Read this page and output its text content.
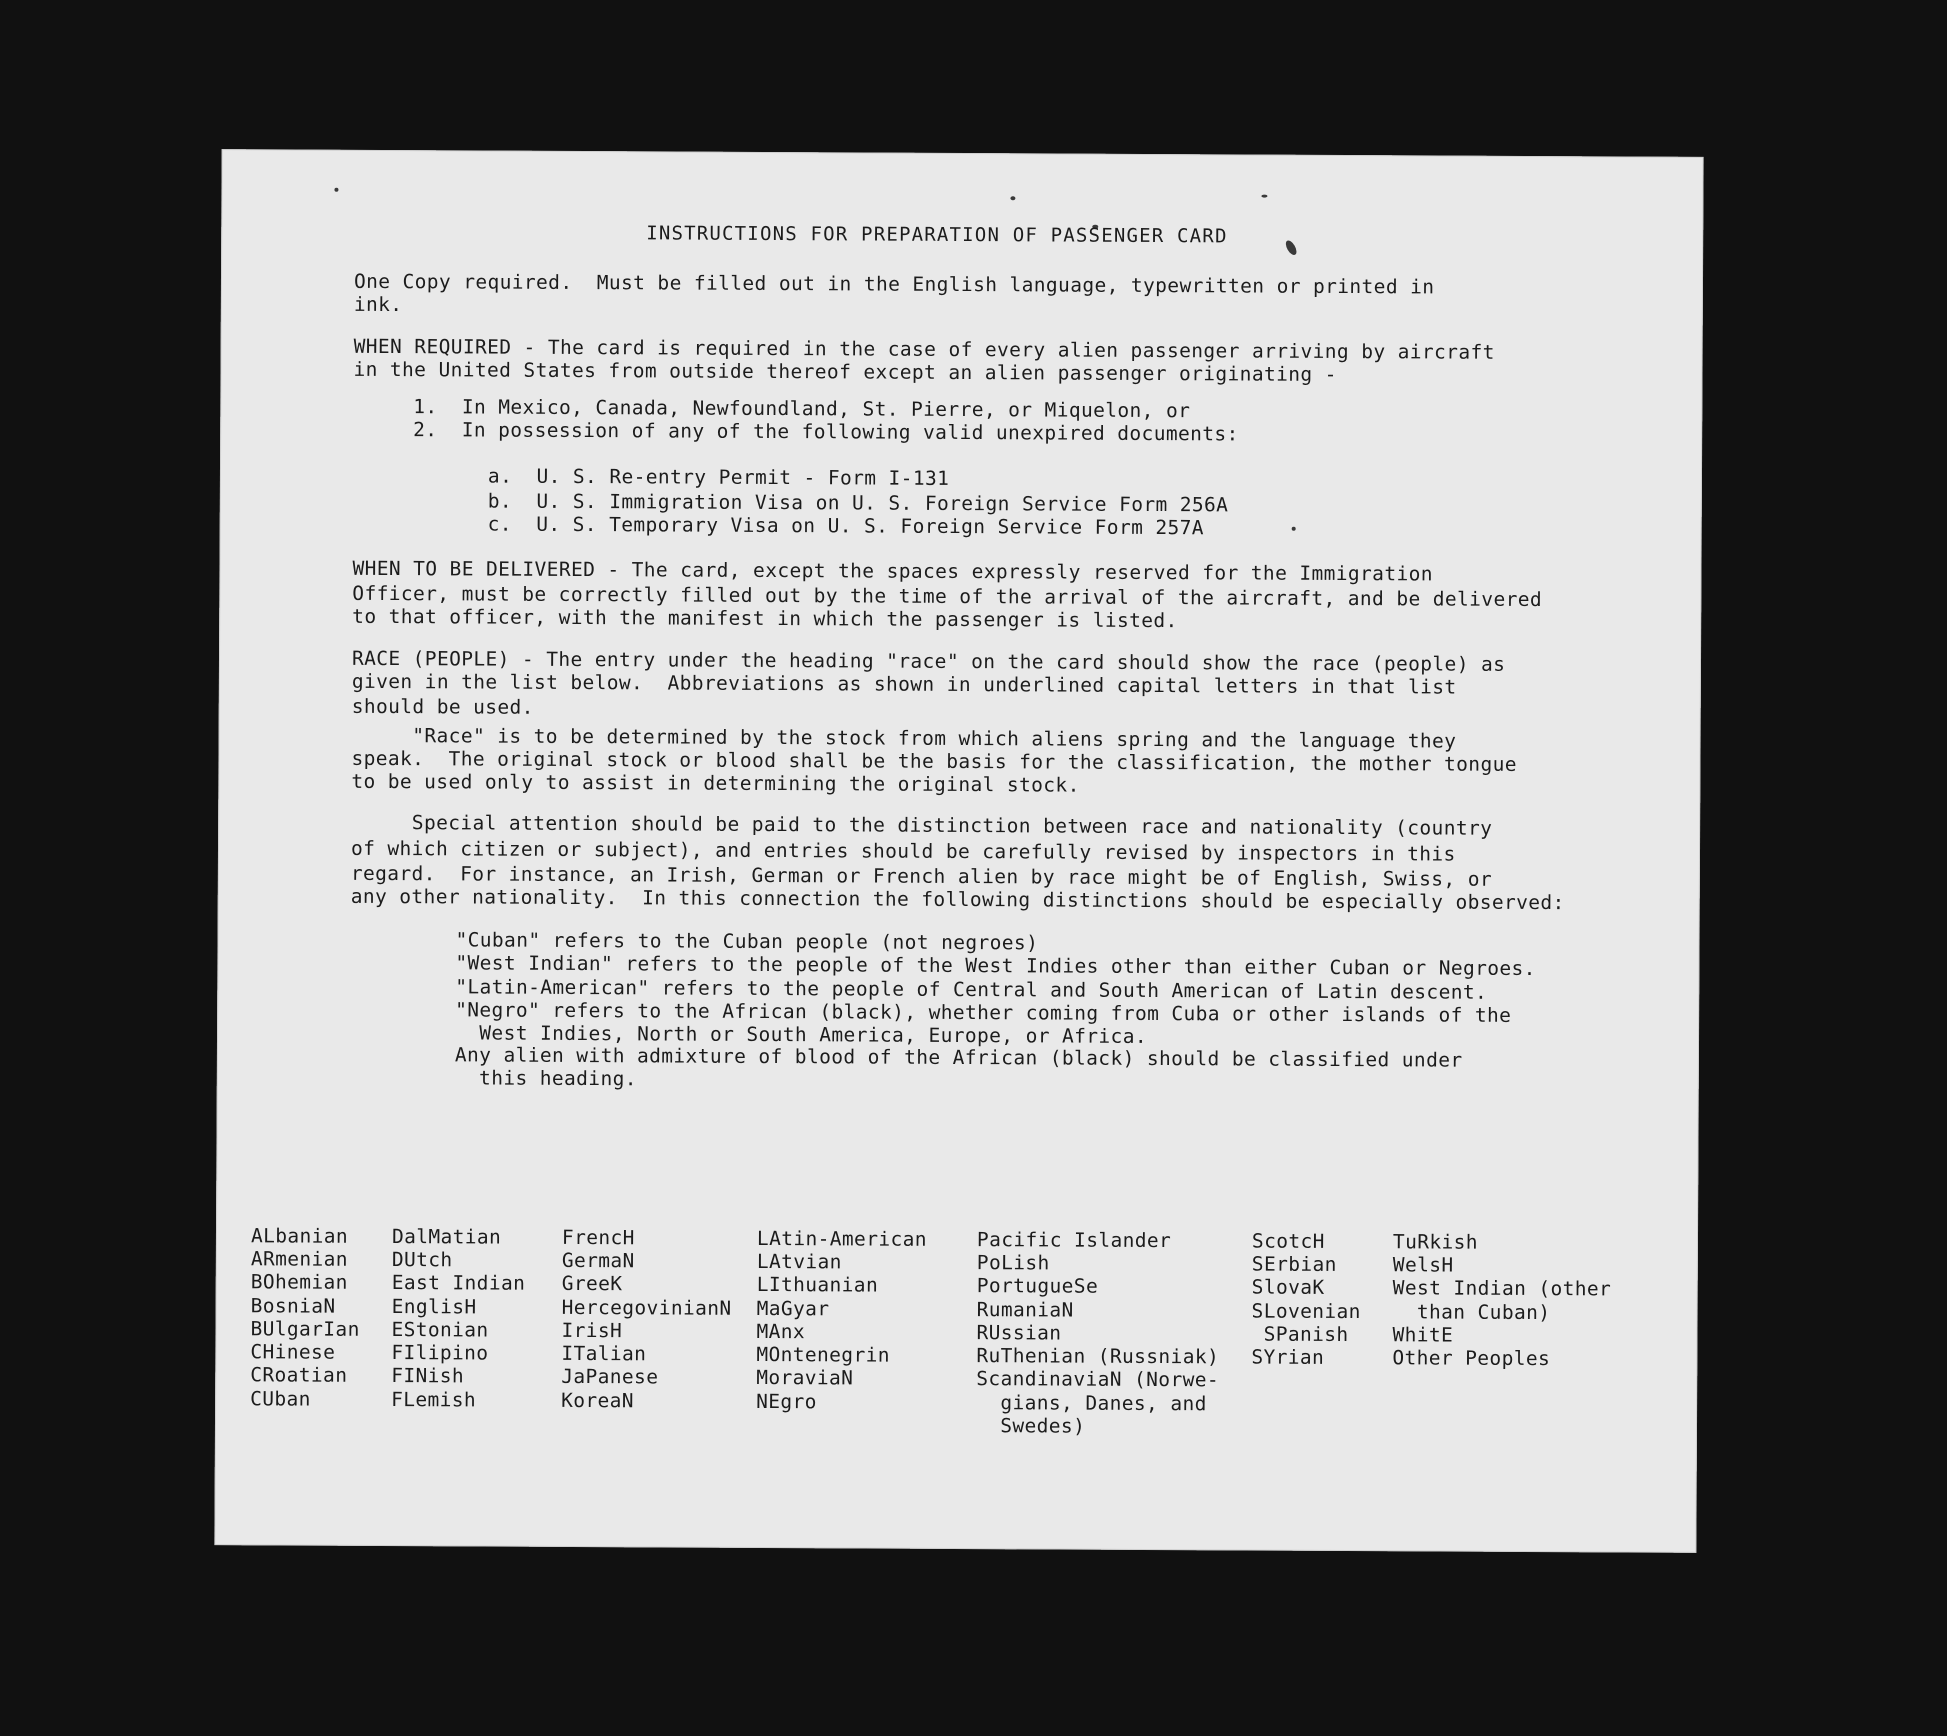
INSTRUCTIONS FOR PREPARATION OF PASSENGER CARD
One Copy required.  Must be filled out in the English language, typewritten or printed in
ink.
WHEN REQUIRED - The card is required in the case of every alien passenger arriving by aircraft
in the United States from outside thereof except an alien passenger originating -
1.  In Mexico, Canada, Newfoundland, St. Pierre, or Miquelon, or
2.  In possession of any of the following valid unexpired documents:
a.  U. S. Re-entry Permit - Form I-131
b.  U. S. Immigration Visa on U. S. Foreign Service Form 256A
c.  U. S. Temporary Visa on U. S. Foreign Service Form 257A
WHEN TO BE DELIVERED - The card, except the spaces expressly reserved for the Immigration
Officer, must be correctly filled out by the time of the arrival of the aircraft, and be delivered
to that officer, with the manifest in which the passenger is listed.
RACE (PEOPLE) - The entry under the heading "race" on the card should show the race (people) as
given in the list below.  Abbreviations as shown in underlined capital letters in that list
should be used.
"Race" is to be determined by the stock from which aliens spring and the language they
speak.  The original stock or blood shall be the basis for the classification, the mother tongue
to be used only to assist in determining the original stock.
Special attention should be paid to the distinction between race and nationality (country
of which citizen or subject), and entries should be carefully revised by inspectors in this
regard.  For instance, an Irish, German or French alien by race might be of English, Swiss, or
any other nationality.  In this connection the following distinctions should be especially observed:
"Cuban" refers to the Cuban people (not negroes)
"West Indian" refers to the people of the West Indies other than either Cuban or Negroes.
"Latin-American" refers to the people of Central and South American of Latin descent.
"Negro" refers to the African (black), whether coming from Cuba or other islands of the
West Indies, North or South America, Europe, or Africa.
Any alien with admixture of blood of the African (black) should be classified under
this heading.
ALbanian
ARmenian
BOhemian
BosniaN
BUlgarIan
CHinese
CRoatian
CUban
DalMatian
DUtch
East Indian
EnglisH
EStonian
FIlipino
FINish
FLemish
FrencH
GermaN
GreeK
HercegovinianN
IrisH
ITalian
JaPanese
KoreaN
LAtin-American
LAtvian
LIthuanian
MaGyar
MAnx
MOntenegrin
MoraviaN
NEgro
Pacific Islander
PoLish
PortugueSe
RumaniaN
RUssian
RuThenian (Russniak)
ScandinaviaN (Norwe-
gians, Danes, and
Swedes)
ScotcH
SErbian
SlovaK
SLovenian
SPanish
SYrian
TuRkish
WelsH
West Indian (other
than Cuban)
WhitE
Other Peoples
